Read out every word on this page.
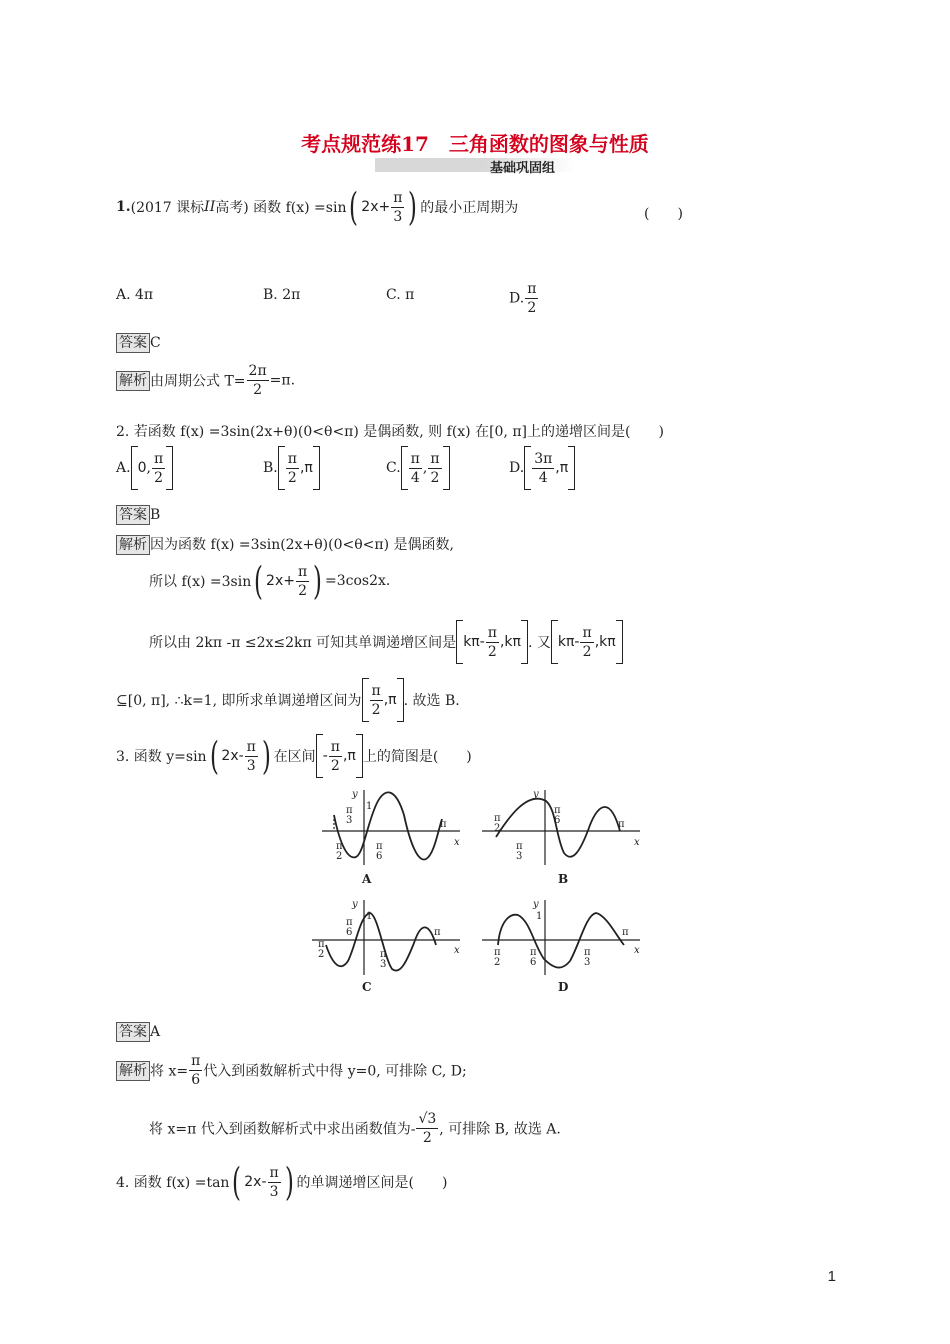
考点规范练17　三角函数的图象与性质
基础巩固组
1.(2017 课标II高考) 函数 f(x) =sin( $2x+ \frac{\pi}{3}$ ) 的最小正周期为	(　　)
A. 4π	B. 2π	C. π	D. $\frac{\pi}{2}$
答案 C
解析 由周期公式 $T= \frac{2\pi}{2} =\pi$.
2. 若函数 f(x) =3sin(2x+θ)(0<θ<π) 是偶函数, 则 f(x) 在[0, π]上的递增区间是(　　)
A. 0, $\frac{\pi}{2}$	B. $\frac{\pi}{2} ,\pi$	C. $\frac{\pi}{4}$ , $\frac{\pi}{2}$	D. $\frac{3\pi}{4} ,\pi$
答案 B
解析 因为函数 f(x) =3sin(2x+θ)(0<θ<π) 是偶函数,
所以 f(x) =3sin( $2x+ \frac{\pi}{2}$ ) =3cos2x.
所以由 2kπ -π ≤2x≤2kπ 可知其单调递增区间是 $k\pi- \frac{\pi}{2} ,k\pi$ . 又 $k\pi- \frac{\pi}{2} ,k\pi$
⊆[0, π], ∴k=1, 即所求单调递增区间为 $\frac{\pi}{2} ,\pi$ . 故选 B.
3. 函数 y=sin( $2x- \frac{\pi}{3}$ ) 在区间 - $\frac{\pi}{2} ,\pi$ 上的简图是(　　)
y
1
x
π
π
2
π
3
π
6
y
x
π
π
2
π
3
π
6
y
1
x
π
π
2
π
6
π
3
y
1
x
π
π
2
π
6
π
3
A	B
C	D
答案 A
解析 将 $x= \frac{\pi}{6}$ 代入到函数解析式中得 y=0, 可排除 C, D;
将 x=π 代入到函数解析式中求出函数值为- $\frac{√3}{2}$ , 可排除 B, 故选 A.
4. 函数 f(x) =tan( $2x- \frac{\pi}{3}$ ) 的单调递增区间是(　　)
1
